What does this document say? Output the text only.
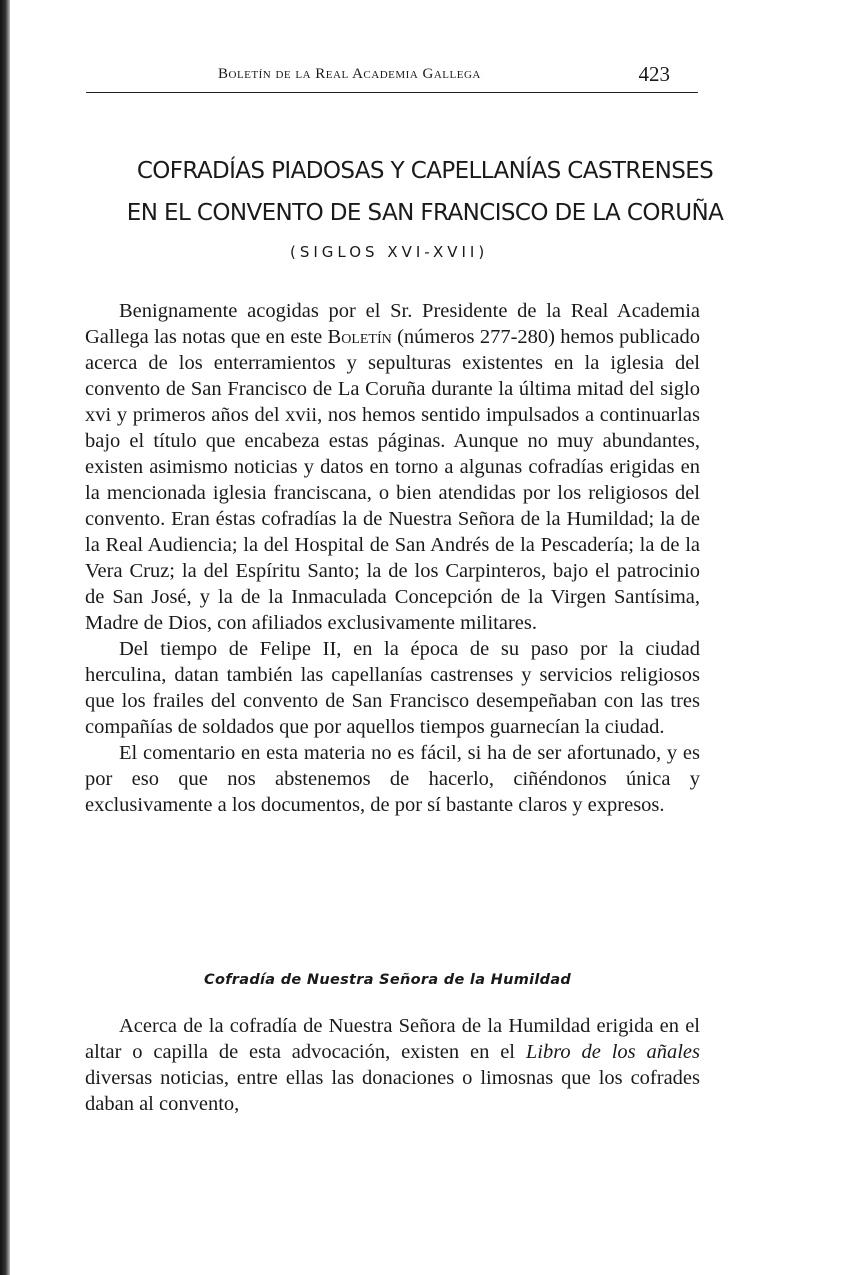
Boletín de la Real Academia Gallega	423
COFRADÍAS PIADOSAS Y CAPELLANÍAS CASTRENSES
EN EL CONVENTO DE SAN FRANCISCO DE LA CORUÑA
(SIGLOS XVI-XVII)

Benignamente acogidas por el Sr. Presidente de la Real Academia Gallega las notas que en este Boletín (números 277-280) hemos publicado acerca de los enterramientos y sepulturas existentes en la iglesia del convento de San Francisco de La Coruña durante la última mitad del siglo xvi y primeros años del xvii, nos hemos sentido impulsados a continuarlas bajo el título que encabeza estas páginas. Aunque no muy abundantes, existen asimismo noticias y datos en torno a algunas cofradías erigidas en la mencionada iglesia franciscana, o bien atendidas por los religiosos del convento. Eran éstas cofradías la de Nuestra Señora de la Humildad; la de la Real Audiencia; la del Hospital de San Andrés de la Pescadería; la de la Vera Cruz; la del Espíritu Santo; la de los Carpinteros, bajo el patrocinio de San José, y la de la Inmaculada Concepción de la Virgen Santísima, Madre de Dios, con afiliados exclusivamente militares.

Del tiempo de Felipe II, en la época de su paso por la ciudad herculina, datan también las capellanías castrenses y servicios religiosos que los frailes del convento de San Francisco desempeñaban con las tres compañías de soldados que por aquellos tiempos guarnecían la ciudad.

El comentario en esta materia no es fácil, si ha de ser afortunado, y es por eso que nos abstenemos de hacerlo, ciñéndonos única y exclusivamente a los documentos, de por sí bastante claros y expresos.

Cofradía de Nuestra Señora de la Humildad

Acerca de la cofradía de Nuestra Señora de la Humildad erigida en el altar o capilla de esta advocación, existen en el Libro de los añales diversas noticias, entre ellas las donaciones o limosnas que los cofrades daban al convento,
